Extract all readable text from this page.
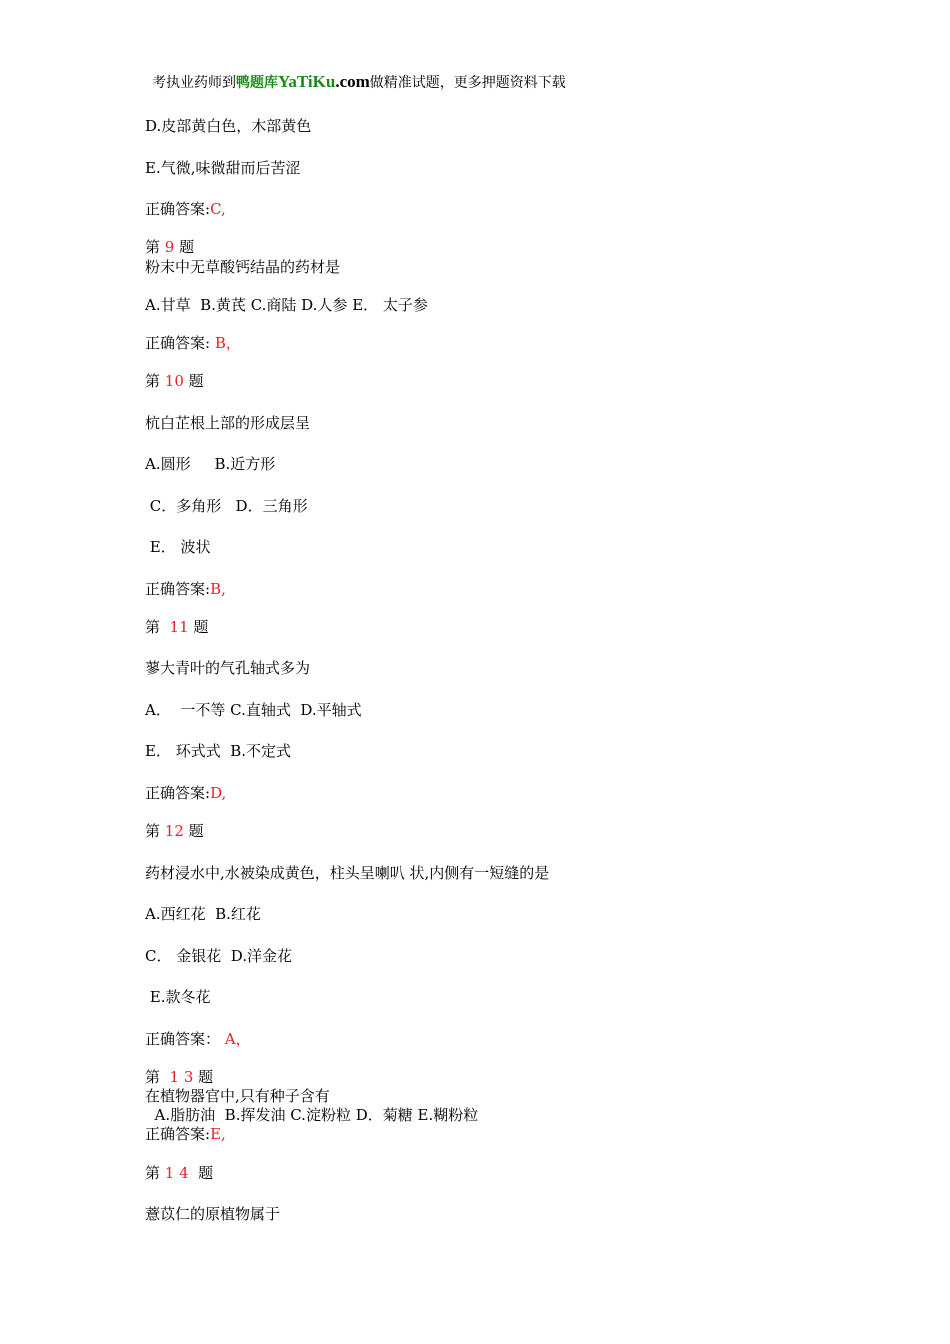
考执业药师到鸭题库YaTiKu.com做精准试题，更多押题资料下载
D.皮部黄白色，木部黄色
E.气微,味微甜而后苦涩
正确答案:C,
第 9 题
粉末中无草酸钙结晶的药材是
A.甘草  B.黄芪 C.商陆 D.人参 E． 太子参
正确答案: B，
第 10 题
杭白芷根上部的形成层呈
A.圆形     B.近方形
C．多角形   D．三角形
E． 波状
正确答案:B,
第  11 题
蓼大青叶的气孔轴式多为
A．  一不等 C.直轴式  D.平轴式
E． 环式式  B.不定式
正确答案:D,
第 12 题
药材浸水中,水被染成黄色，柱头呈喇叭 状,内侧有一短缝的是
A.西红花  B.红花
C． 金银花  D.洋金花
E.款冬花
正确答案： A，
第  1 3 题
在植物器官中,只有种子含有
A.脂肪油  B.挥发油 C.淀粉粒 D．菊糖 E.糊粉粒
正确答案:E,
第 1 4  题
薏苡仁的原植物属于
